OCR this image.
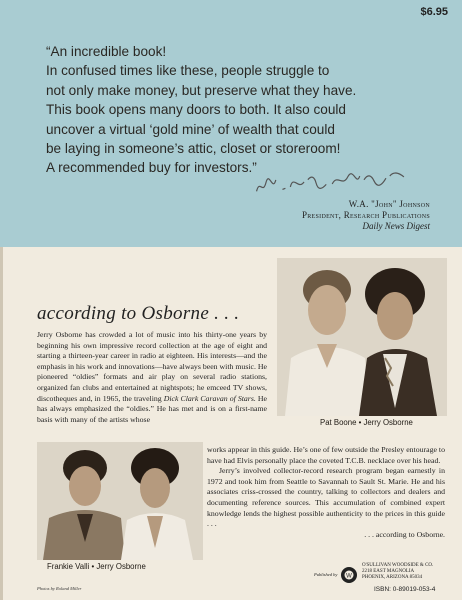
$6.95
“An incredible book!
In confused times like these, people struggle to
not only make money, but preserve what they have.
This book opens many doors to both. It also could
uncover a virtual ‘gold mine’ of wealth that could
be laying in someone’s attic, closet or storeroom!
A recommended buy for investors.”
W.A. "John" Johnson
President, Research Publications
Daily News Digest
Pat Boone • Jerry Osborne
according to Osborne . . .
Jerry Osborne has crowded a lot of music into his thirty-one years by beginning his own impressive record collection at the age of eight and starting a thirteen-year career in radio at eighteen. His interests—and the emphasis in his work and innovations—have always been with music. He pioneered “oldies” formats and air play on several radio stations, organized fan clubs and entertained at nightspots; he emceed TV shows, discotheques and, in 1965, the traveling Dick Clark Caravan of Stars. He has always emphasized the “oldies.” He has met and is on a first-name basis with many of the artists whose
Frankie Valli • Jerry Osborne

works appear in this guide. He’s one of few outside the Presley entourage to have had Elvis personally place the coveted T.C.B. necklace over his head.

Jerry’s involved collector-record research program began earnestly in 1972 and took him from Seattle to Savannah to Sault St. Marie. He and his associates criss-crossed the country, talking to collectors and dealers and documenting reference sources. This accumulation of combined expert knowledge lends the highest possible authenticity to the prices in this guide . . .

. . . according to Osborne.

Photos by Roland Miller
Published by W
O'SULLIVAN WOODSIDE & CO.
2218 EAST MAGNOLIA
PHOENIX, ARIZONA 85034
ISBN: 0-89019-053-4
